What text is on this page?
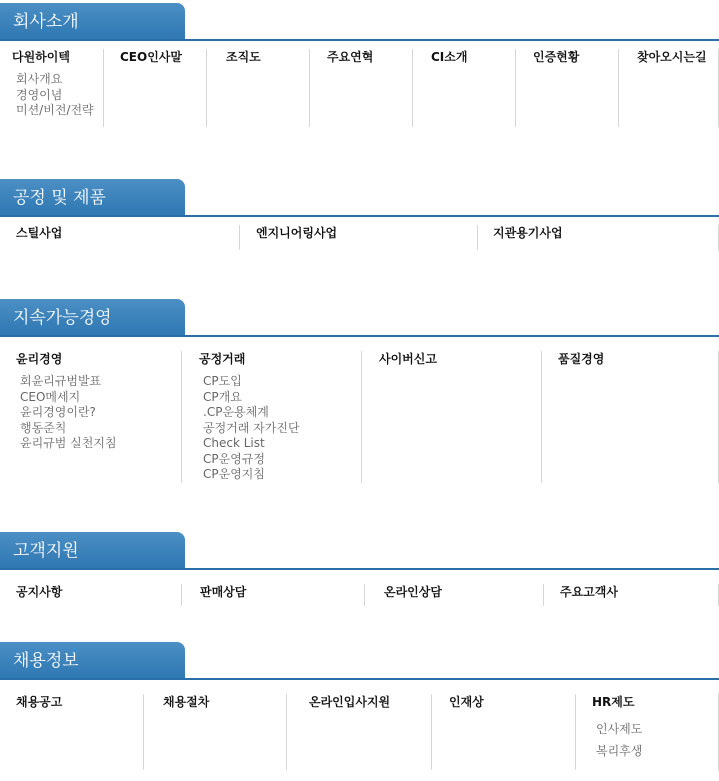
회사소개
다원하이텍
회사개요
경영이념
미션/비전/전략
CEO인사말	조직도	주요연혁	CI소개	인증현황	찾아오시는길
공정 및 제품
스틸사업	엔지니어링사업	지관용기사업
지속가능경영
윤리경영
회윤리규범발표
CEO메세지
윤리경영이란?
행동준칙
윤리규범 실천지침
공정거래
CP도입
CP개요
.CP운용체계
공정거래 자가진단
Check List
CP운영규정
CP운영지침
사이버신고	품질경영
고객지원
공지사항	판매상담	온라인상담	주요고객사
채용정보
채용공고	채용절차	온라인입사지원	인재상	HR제도
인사제도
복리후생
